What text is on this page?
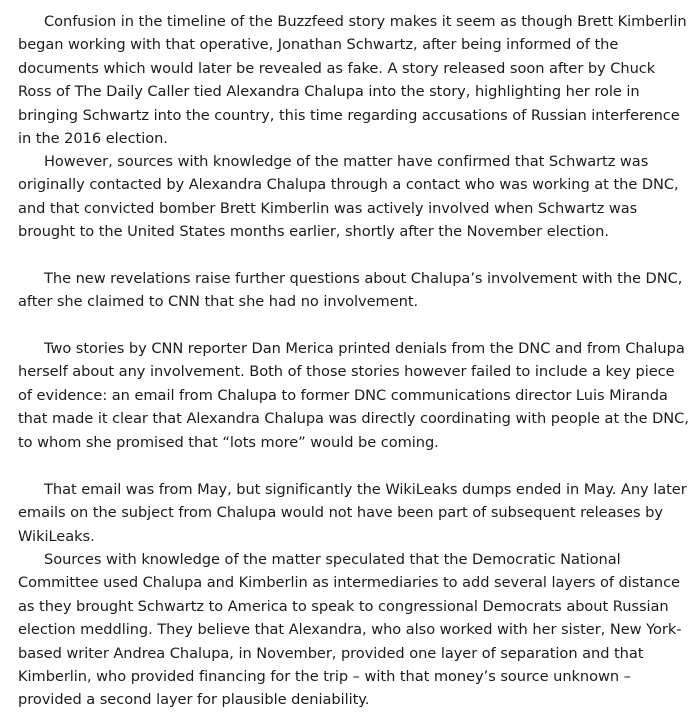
Confusion in the timeline of the Buzzfeed story makes it seem as though Brett Kimberlin began working with that operative, Jonathan Schwartz, after being informed of the documents which would later be revealed as fake. A story released soon after by Chuck Ross of The Daily Caller tied Alexandra Chalupa into the story, highlighting her role in bringing Schwartz into the country, this time regarding accusations of Russian interference in the 2016 election.

However, sources with knowledge of the matter have confirmed that Schwartz was originally contacted by Alexandra Chalupa through a contact who was working at the DNC, and that convicted bomber Brett Kimberlin was actively involved when Schwartz was brought to the United States months earlier, shortly after the November election.

The new revelations raise further questions about Chalupa’s involvement with the DNC, after she claimed to CNN that she had no involvement.

Two stories by CNN reporter Dan Merica printed denials from the DNC and from Chalupa herself about any involvement. Both of those stories however failed to include a key piece of evidence: an email from Chalupa to former DNC communications director Luis Miranda that made it clear that Alexandra Chalupa was directly coordinating with people at the DNC, to whom she promised that “lots more” would be coming.

That email was from May, but significantly the WikiLeaks dumps ended in May. Any later emails on the subject from Chalupa would not have been part of subsequent releases by WikiLeaks.

Sources with knowledge of the matter speculated that the Democratic National Committee used Chalupa and Kimberlin as intermediaries to add several layers of distance as they brought Schwartz to America to speak to congressional Democrats about Russian election meddling. They believe that Alexandra, who also worked with her sister, New York-based writer Andrea Chalupa, in November, provided one layer of separation and that Kimberlin, who provided financing for the trip – with that money’s source unknown – provided a second layer for plausible deniability.
